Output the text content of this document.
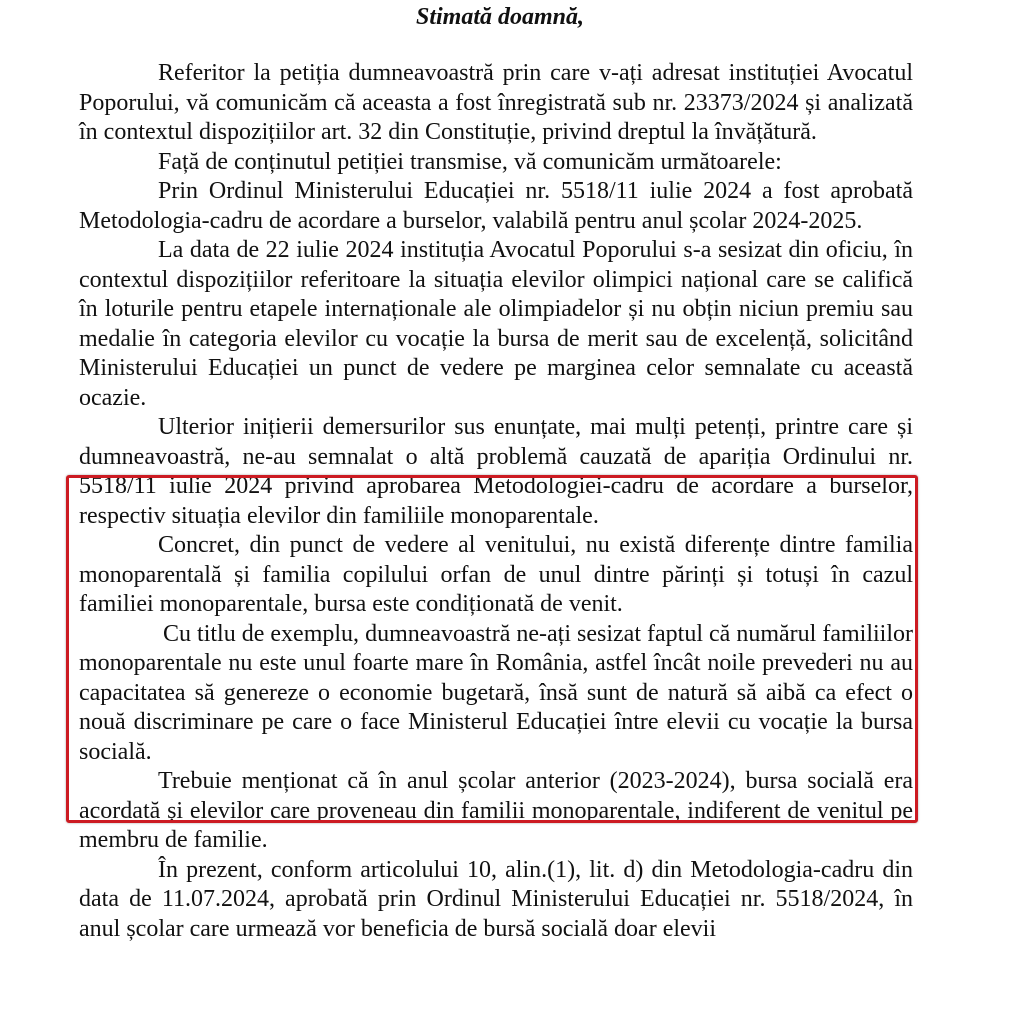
Stimată doamnă,

Referitor la petiția dumneavoastră prin care v-ați adresat instituției Avocatul Poporului, vă comunicăm că aceasta a fost înregistrată sub nr. 23373/2024 și analizată în contextul dispozițiilor art. 32 din Constituție, privind dreptul la învățătură.

Față de conținutul petiției transmise, vă comunicăm următoarele:

Prin Ordinul Ministerului Educației nr. 5518/11 iulie 2024 a fost aprobată Metodologia-cadru de acordare a burselor, valabilă pentru anul școlar 2024-2025.

La data de 22 iulie 2024 instituția Avocatul Poporului s-a sesizat din oficiu, în contextul dispozițiilor referitoare la situația elevilor olimpici național care se califică în loturile pentru etapele internaționale ale olimpiadelor și nu obțin niciun premiu sau medalie în categoria elevilor cu vocație la bursa de merit sau de excelență, solicitând Ministerului Educației un punct de vedere pe marginea celor semnalate cu această ocazie.

Ulterior inițierii demersurilor sus enunțate, mai mulți petenți, printre care și dumneavoastră, ne-au semnalat o altă problemă cauzată de apariția Ordinului nr. 5518/11 iulie 2024 privind aprobarea Metodologiei-cadru de acordare a burselor, respectiv situația elevilor din familiile monoparentale.

Concret, din punct de vedere al venitului, nu există diferențe dintre familia monoparentală și familia copilului orfan de unul dintre părinți și totuși în cazul familiei monoparentale, bursa este condiționată de venit.

Cu titlu de exemplu, dumneavoastră ne-ați sesizat faptul că numărul familiilor monoparentale nu este unul foarte mare în România, astfel încât noile prevederi nu au capacitatea să genereze o economie bugetară, însă sunt de natură să aibă ca efect o nouă discriminare pe care o face Ministerul Educației între elevii cu vocație la bursa socială.

Trebuie menționat că în anul școlar anterior (2023-2024), bursa socială era acordată și elevilor care proveneau din familii monoparentale, indiferent de venitul pe membru de familie.

În prezent, conform articolului 10, alin.(1), lit. d) din Metodologia-cadru din data de 11.07.2024, aprobată prin Ordinul Ministerului Educației nr. 5518/2024, în anul școlar care urmează vor beneficia de bursă socială doar elevii
